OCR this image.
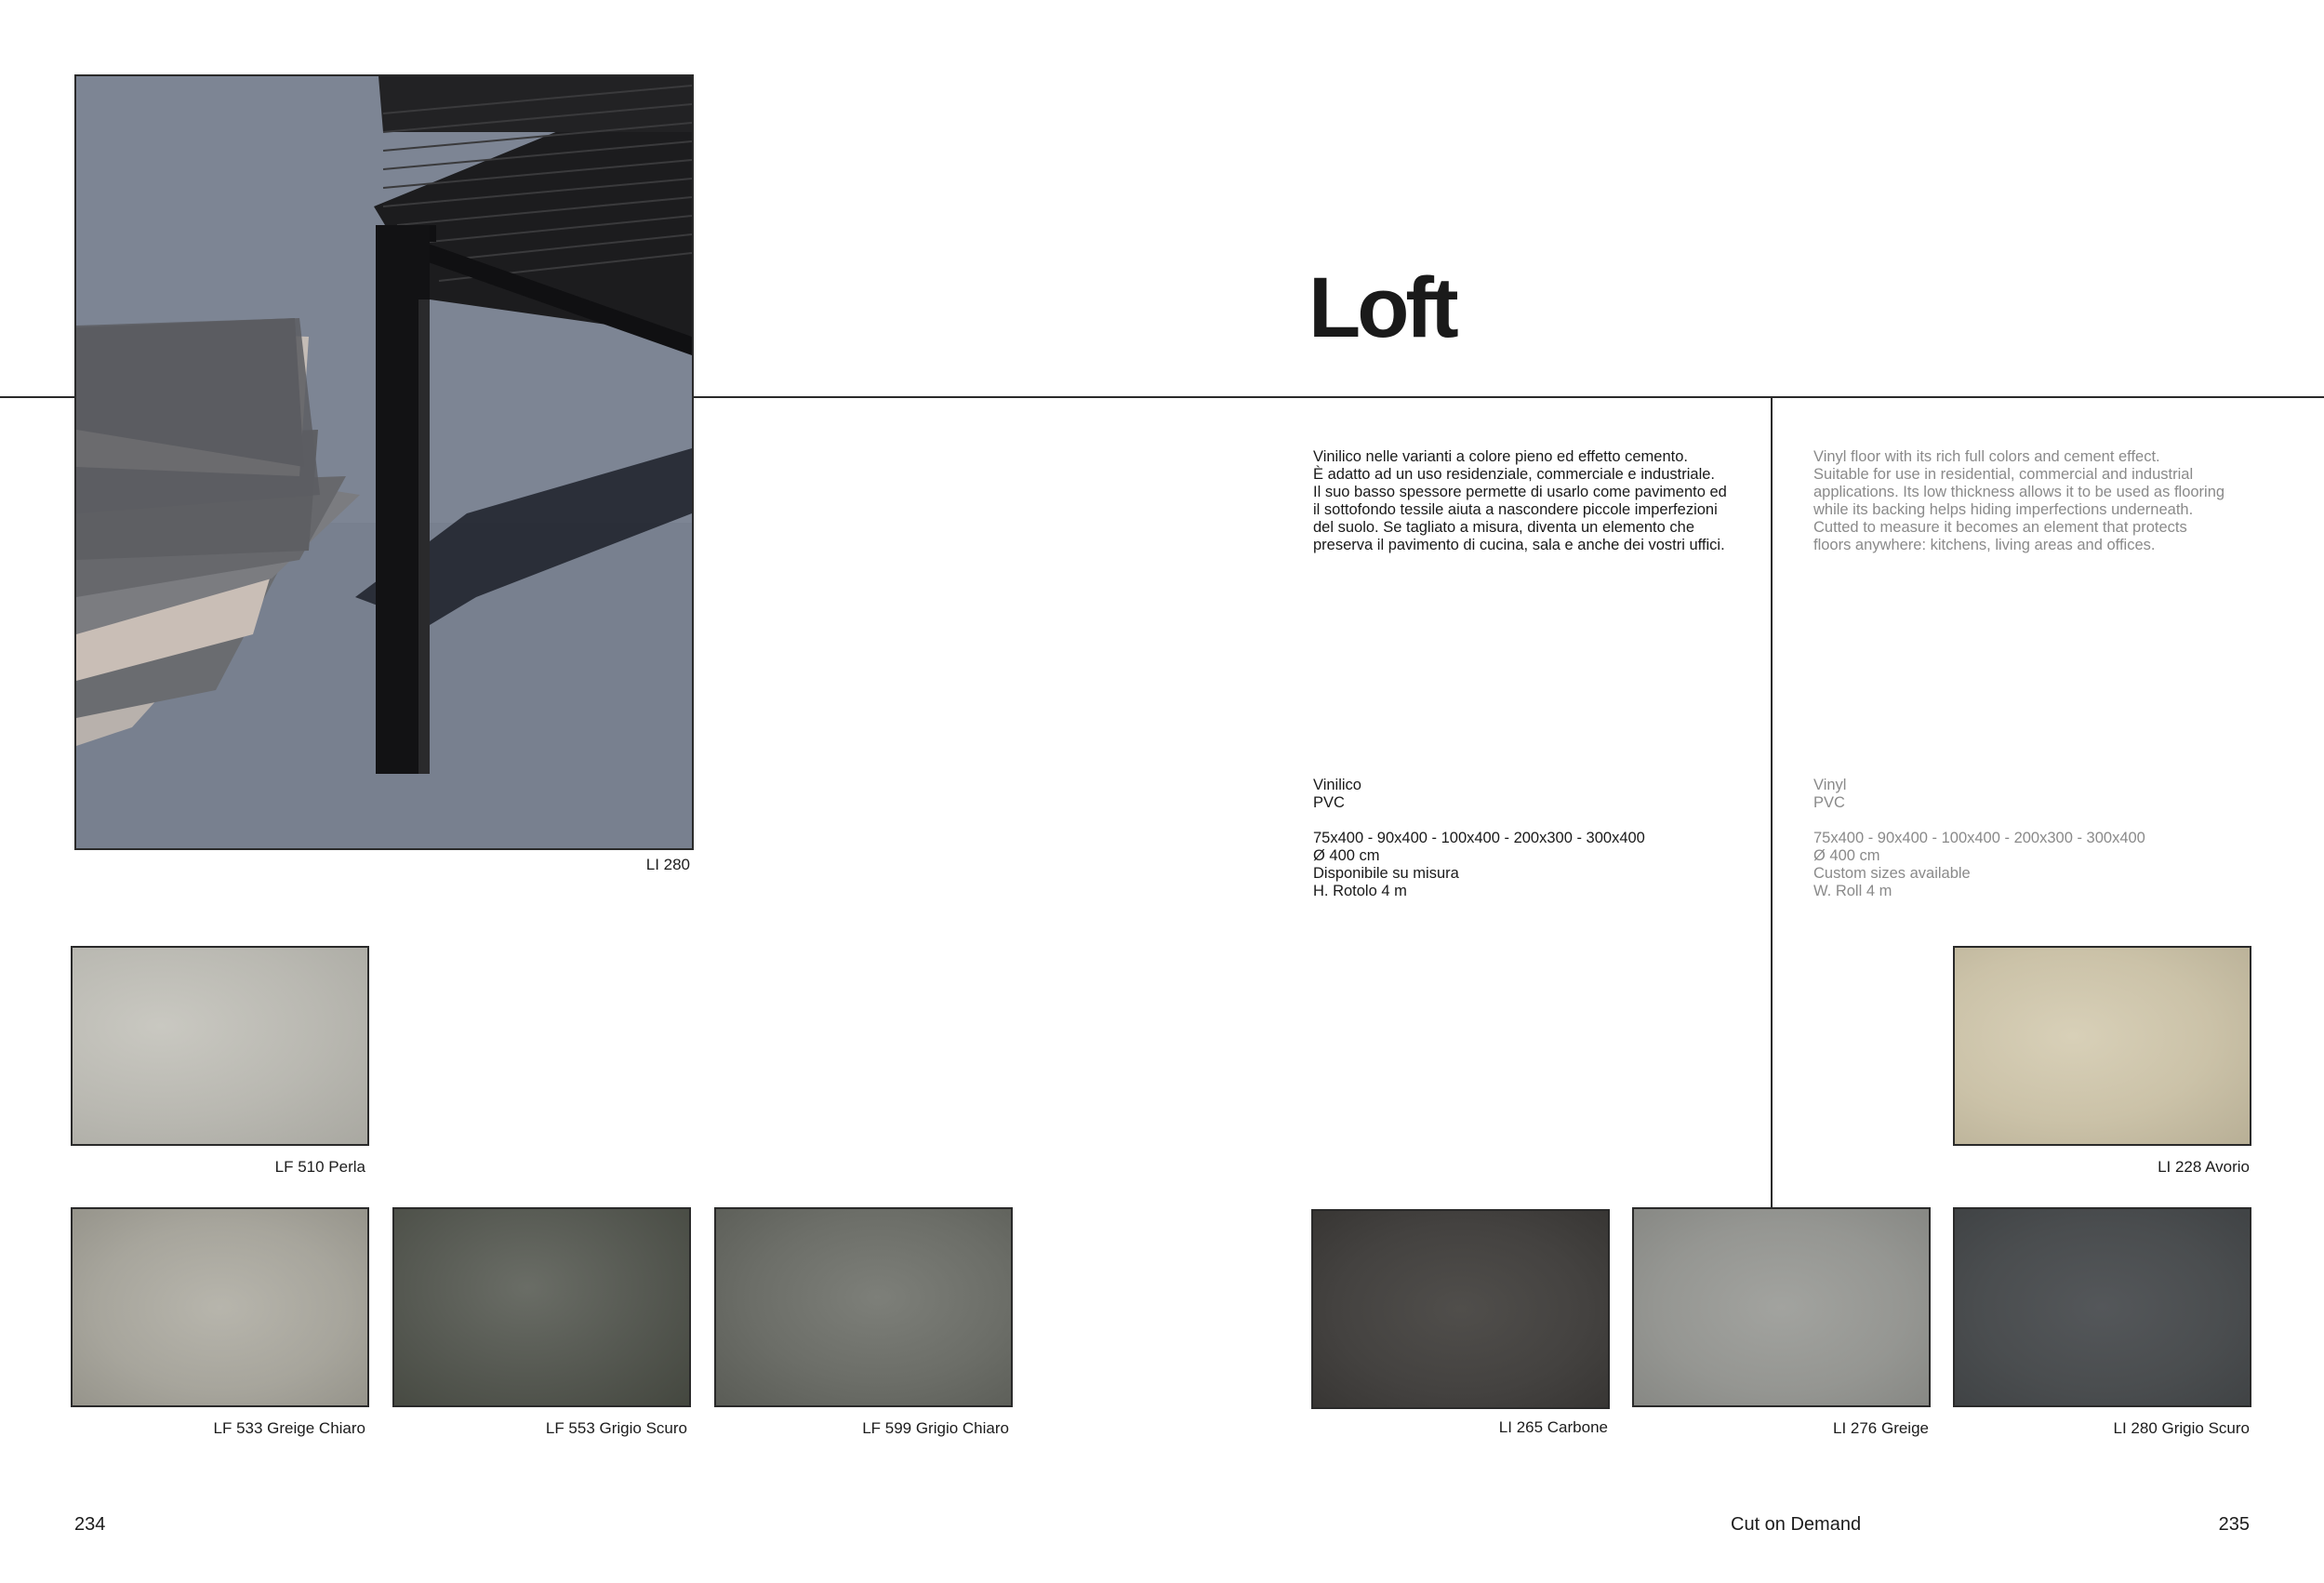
LI 280
LF 510 Perla
LF 533 Greige Chiaro	LF 553 Grigio Scuro	LF 599 Grigio Chiaro
234
Loft
Vinilico nelle varianti a colore pieno ed effetto cemento.
È adatto ad un uso residenziale, commerciale e industriale.
Il suo basso spessore permette di usarlo come pavimento ed
il sottofondo tessile aiuta a nascondere piccole imperfezioni
del suolo. Se tagliato a misura, diventa un elemento che
preserva il pavimento di cucina, sala e anche dei vostri uffici.
Vinyl floor with its rich full colors and cement effect.
Suitable for use in residential, commercial and industrial
applications. Its low thickness allows it to be used as flooring
while its backing helps hiding imperfections underneath.
Cutted to measure it becomes an element that protects
floors anywhere: kitchens, living areas and offices.
Vinilico
PVC
75x400 - 90x400 - 100x400 - 200x300 - 300x400
Ø 400 cm
Disponibile su misura
H. Rotolo 4 m
Vinyl
PVC
75x400 - 90x400 - 100x400 - 200x300 - 300x400
Ø 400 cm
Custom sizes available
W. Roll 4 m
LI 228 Avorio
LI 265 Carbone	LI 276 Greige	LI 280 Grigio Scuro
Cut on Demand	235
